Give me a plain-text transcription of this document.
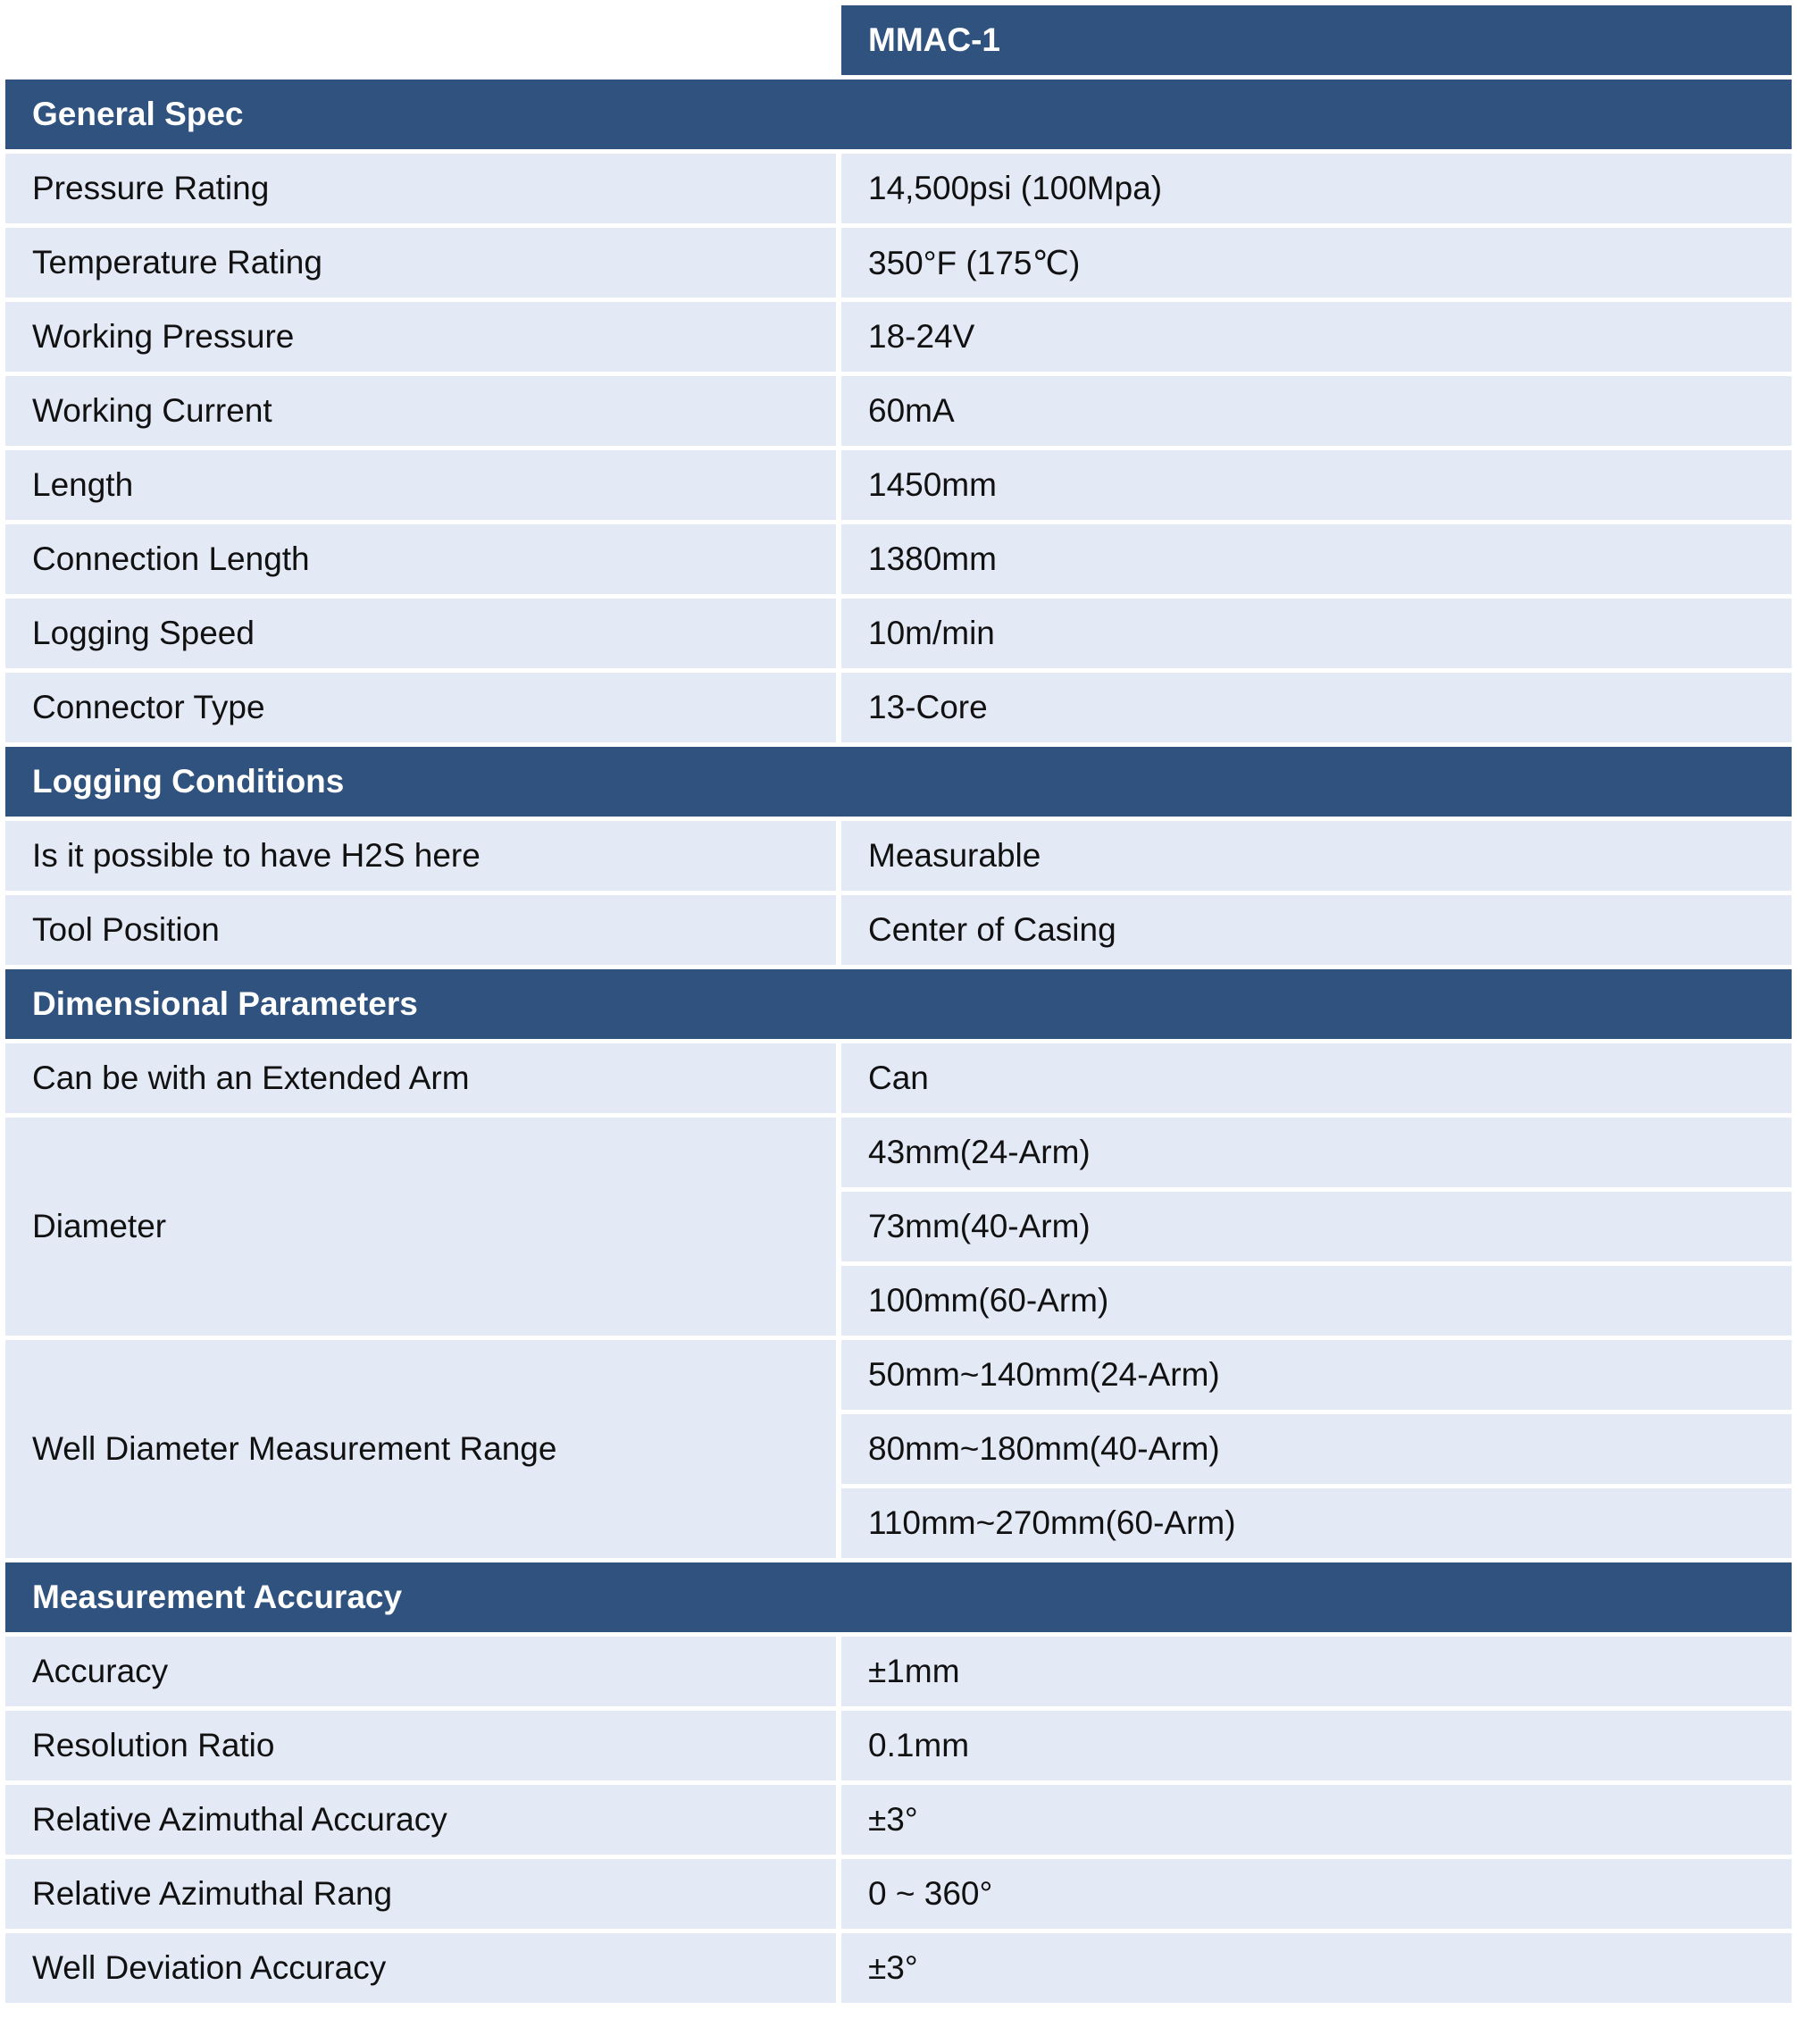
	MMAC-1
General Spec	
Pressure Rating	14,500psi (100Mpa)
Temperature Rating	350°F (175℃)
Working Pressure	18-24V
Working Current	60mA
Length	1450mm
Connection Length	1380mm
Logging Speed	10m/min
Connector Type	13-Core
Logging Conditions	
Is it possible to have H2S here	Measurable
Tool Position	Center of Casing
Dimensional Parameters	
Can be with an Extended Arm	Can
Diameter	43mm(24-Arm)
	73mm(40-Arm)
	100mm(60-Arm)
Well Diameter Measurement Range	50mm~140mm(24-Arm)
	80mm~180mm(40-Arm)
	110mm~270mm(60-Arm)
Measurement Accuracy	
Accuracy	±1mm
Resolution Ratio	0.1mm
Relative Azimuthal Accuracy	±3°
Relative Azimuthal Rang	0 ~ 360°
Well Deviation Accuracy	±3°
